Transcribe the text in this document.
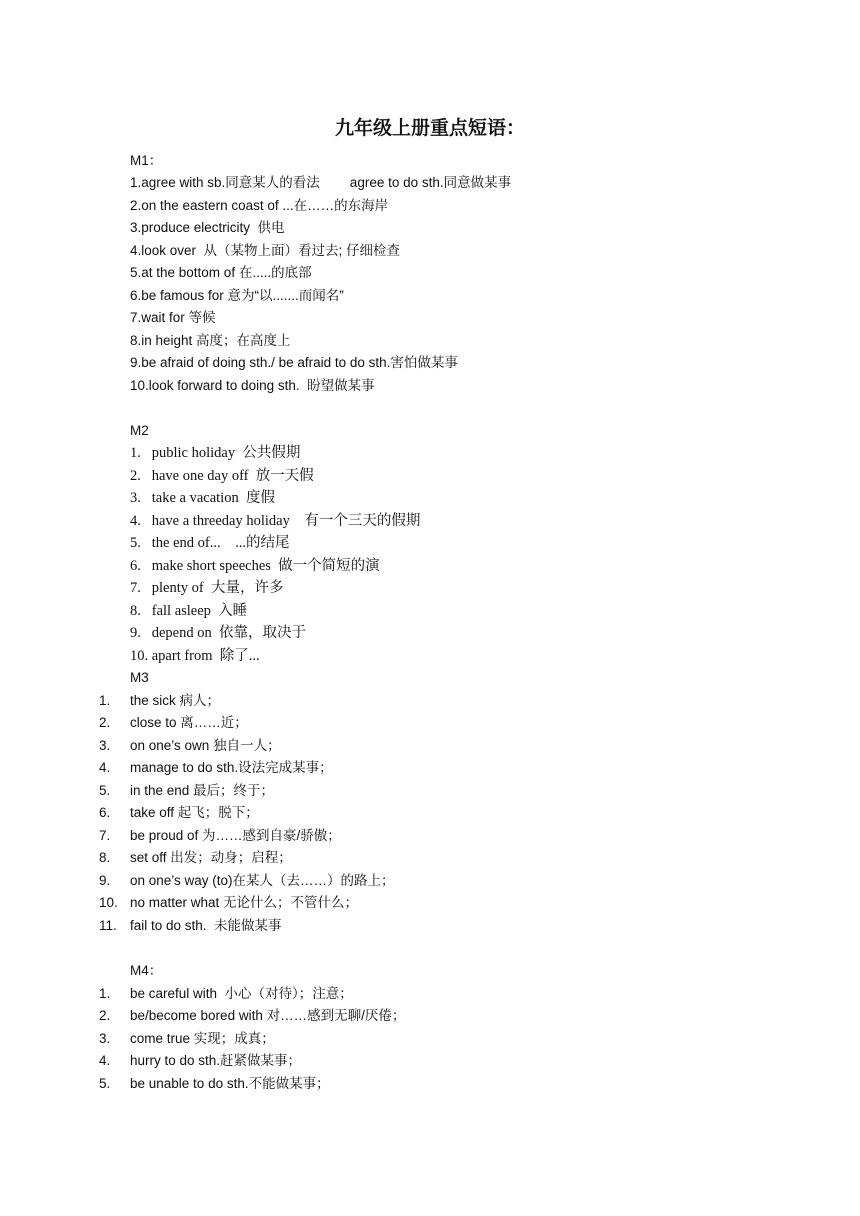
九年级上册重点短语：
M1：
1.agree with sb.同意某人的看法        agree to do sth.同意做某事
2.on the eastern coast of ...在……的东海岸
3.produce electricity  供电
4.look over  从（某物上面）看过去; 仔细检查
5.at the bottom of 在.....的底部
6.be famous for 意为“以.......而闻名”
7.wait for 等候
8.in height 高度；在高度上
9.be afraid of doing sth./ be afraid to do sth.害怕做某事
10.look forward to doing sth.  盼望做某事
M2
1.   public holiday  公共假期
2.   have one day off  放一天假
3.   take a vacation  度假
4.   have a threeday holiday    有一个三天的假期
5.   the end of...    ...的结尾
6.   make short speeches  做一个简短的演
7.   plenty of  大量，许多
8.   fall asleep  入睡
9.   depend on  依靠，取决于
10. apart from  除了...
M3
1. the sick 病人；
2. close to 离……近；
3. on one’s own 独自一人；
4. manage to do sth.设法完成某事；
5. in the end 最后；终于；
6. take off 起飞；脱下；
7. be proud of 为……感到自豪/骄傲；
8. set off 出发；动身；启程；
9. on one’s way (to)在某人（去……）的路上；
10. no matter what 无论什么；不管什么；
11. fail to do sth.  未能做某事
M4：
1. be careful with  小心（对待）；注意；
2. be/become bored with 对……感到无聊/厌倦；
3. come true 实现；成真；
4. hurry to do sth.赶紧做某事；
5. be unable to do sth.不能做某事；
